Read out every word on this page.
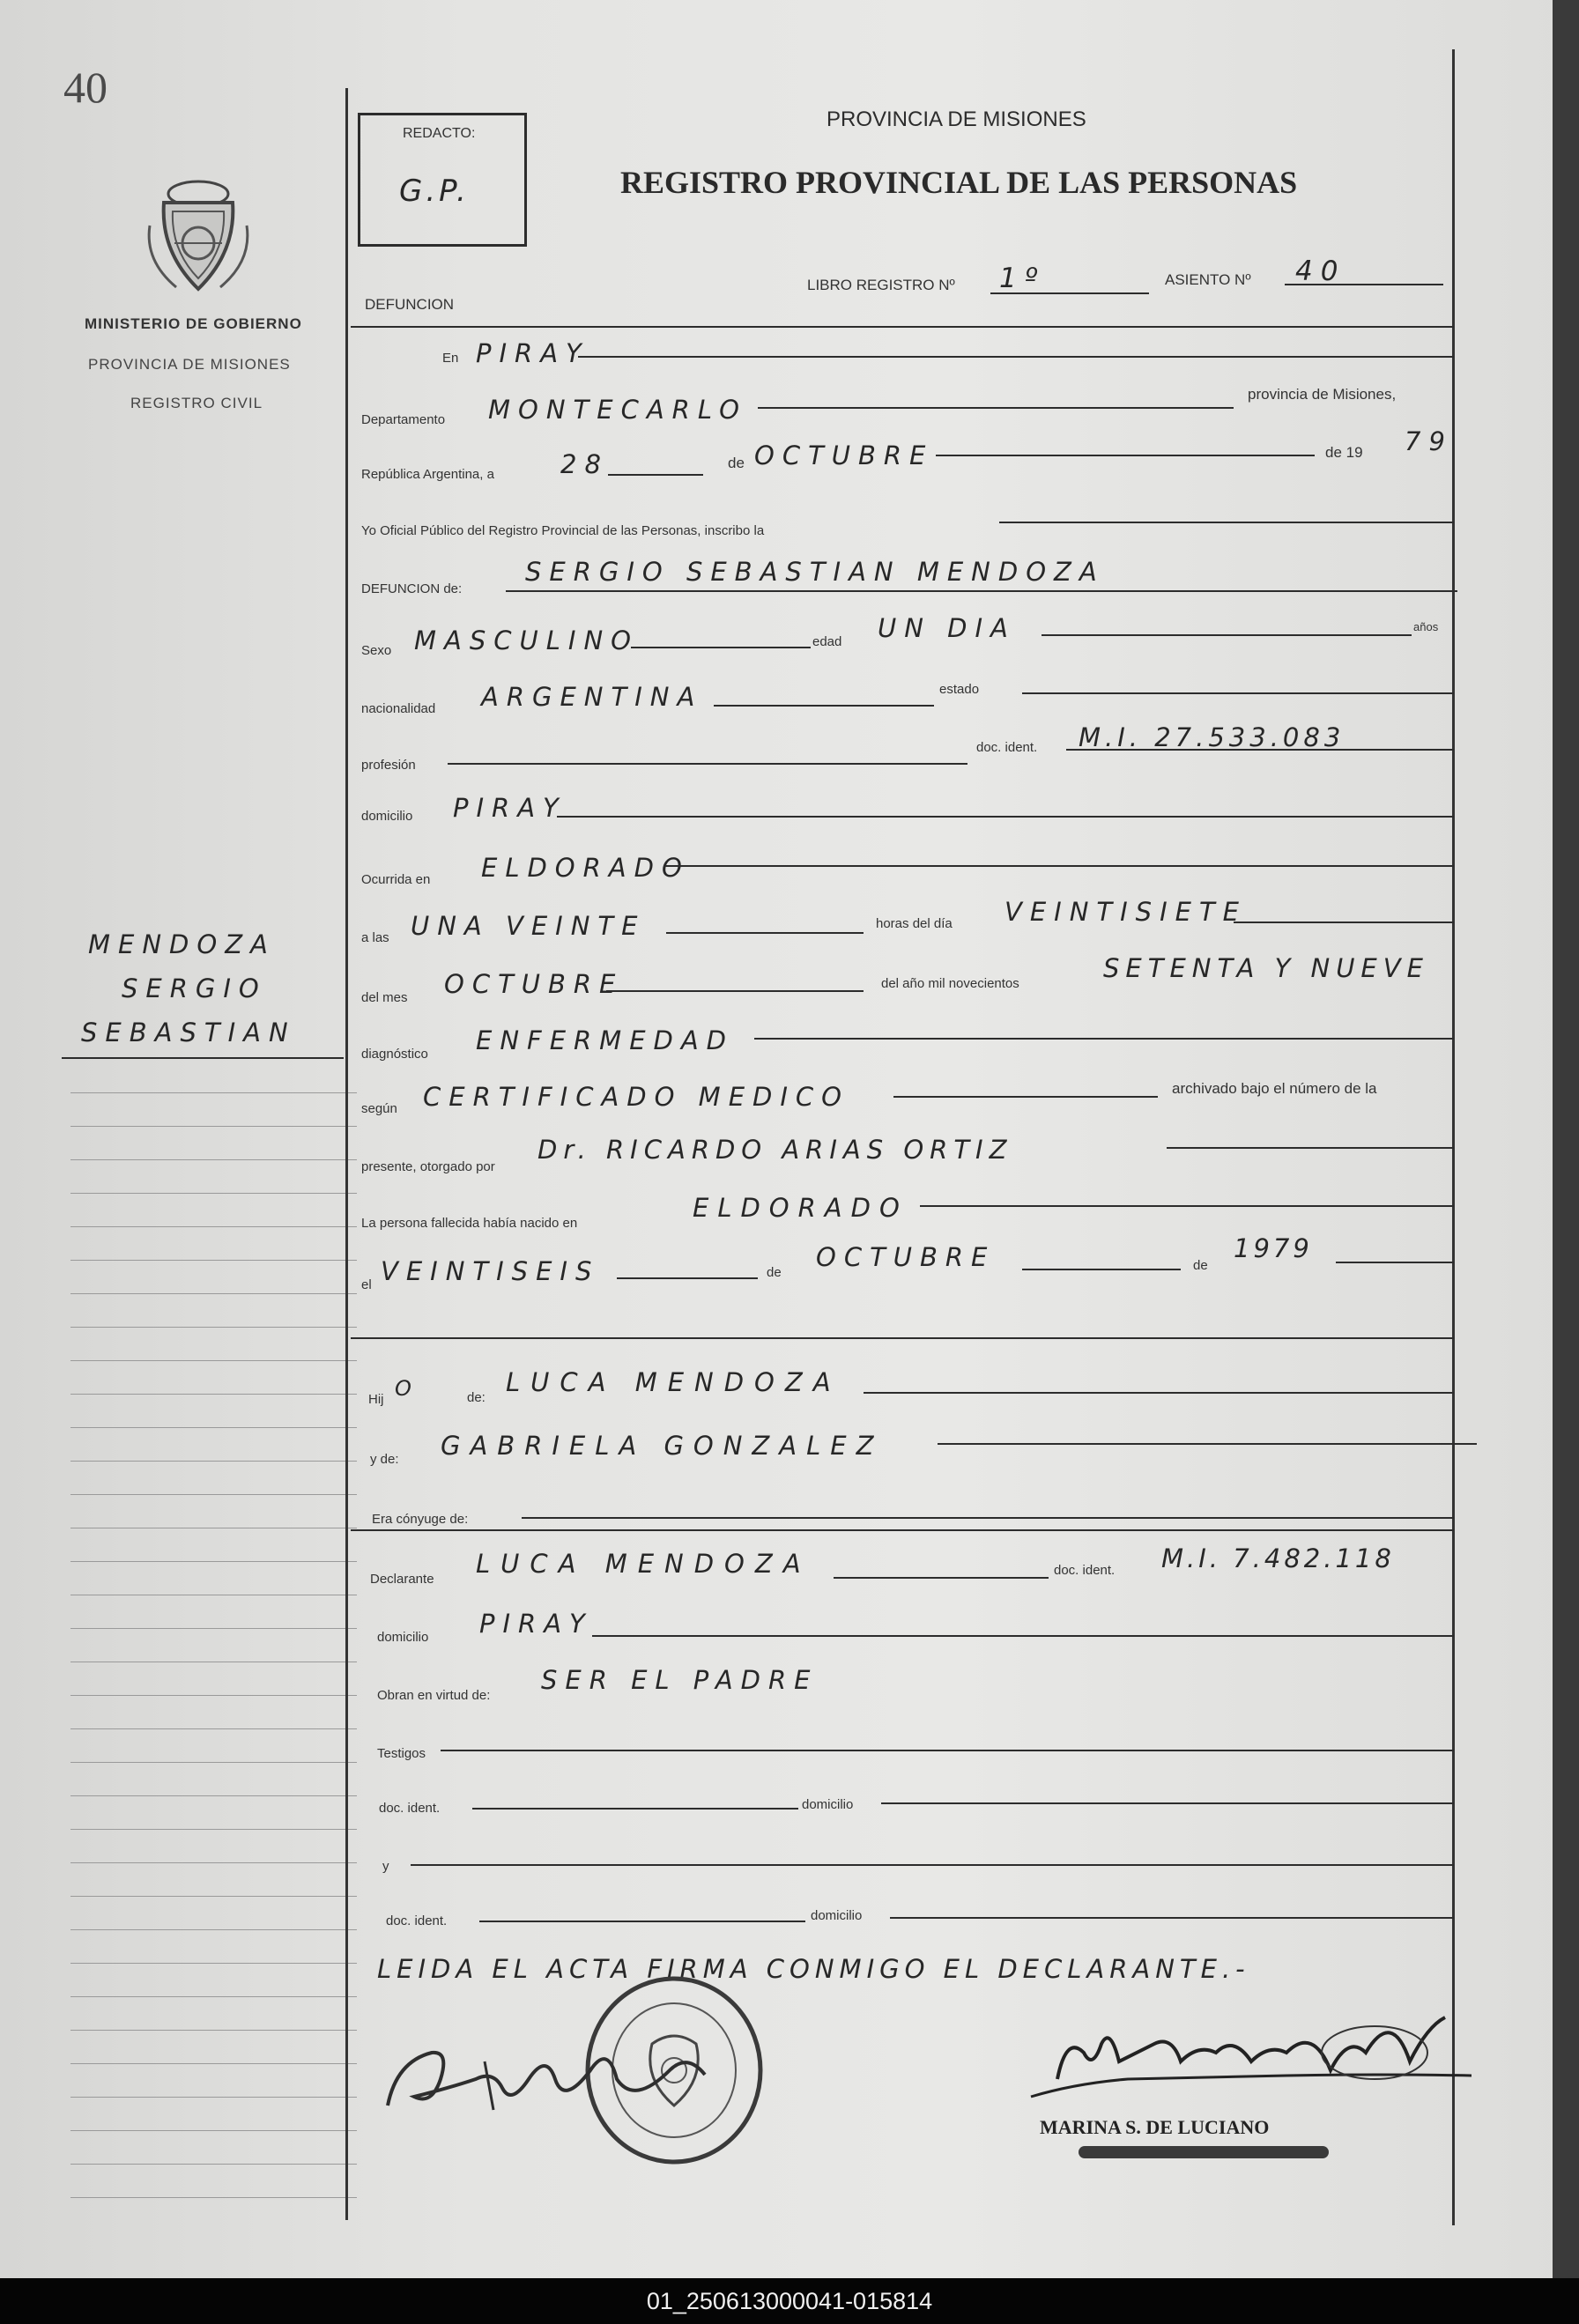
40
MINISTERIO DE GOBIERNO
PROVINCIA DE MISIONES
REGISTRO CIVIL
MENDOZA
SERGIO
SEBASTIAN
REDACTO:
G.P.
PROVINCIA DE MISIONES
REGISTRO PROVINCIAL DE LAS PERSONAS
LIBRO REGISTRO Nº 1º	ASIENTO Nº 40
DEFUNCION
En PIRAY
Departamento MONTECARLO
provincia de Misiones,
República Argentina, a	28	de OCTUBRE	de 19 79
Yo Oficial Público del Registro Provincial de las Personas, inscribo la
DEFUNCION de:
SERGIO SEBASTIAN MENDOZA
Sexo MASCULINO	edad UN DIA	años
nacionalidad ARGENTINA	estado
profesión
doc. ident. M.I. 27.533.083
domicilio PIRAY
Ocurrida en ELDORADO
a las UNA VEINTE	horas del día VEINTISIETE
del mes OCTUBRE	del año mil novecientos
SETENTA Y NUEVE
diagnóstico ENFERMEDAD
según CERTIFICADO MEDICO	archivado bajo el número de la
presente, otorgado por
Dr. RICARDO ARIAS ORTIZ
La persona fallecida había nacido en
ELDORADO
el VEINTISEIS	de
OCTUBRE	de
1979
Hij O	de:
LUCA MENDOZA
y de: GABRIELA GONZALEZ
Era cónyuge de:
Declarante
LUCA MENDOZA	doc. ident. M.I. 7.482.118
domicilio PIRAY
Obran en virtud de:
SER EL PADRE
Testigos
doc. ident.	domicilio
y
doc. ident.	domicilio
LEIDA EL ACTA FIRMA CONMIGO EL DECLARANTE.-
MARINA S. DE LUCIANO
01_250613000041-015814
